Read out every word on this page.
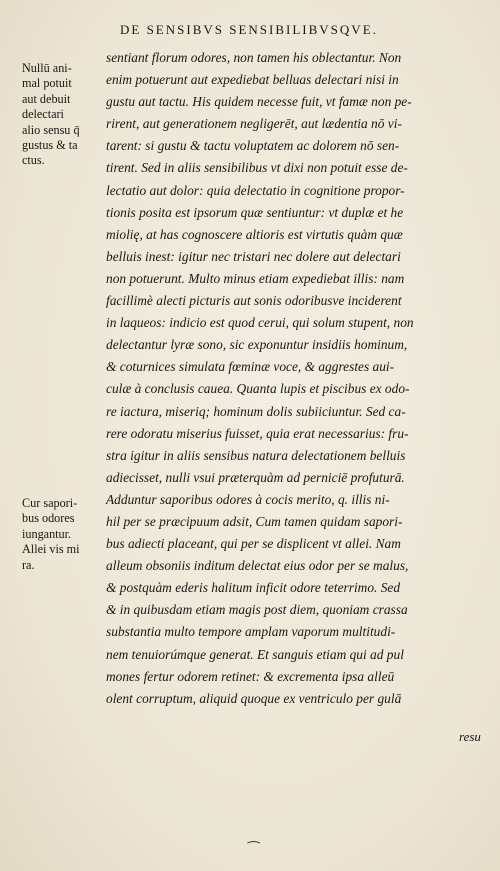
DE SENSIBVS SENSIBILIBVSQVE.
Nullū ani-
mal potuit
aut debuit
delectari
alio sensu q̄
gustus & ta
ctus.
Cur sapori-
bus odores
iungantur.
Allei vis mi
ra.
sentiant florum odores, non tamen his oblectantur. Non
enim potuerunt aut expediebat belluas delectari nisi in
gustu aut tactu. His quidem necesse fuit, vt famæ non pe-
rirent, aut generationem negligerēt, aut lædentia nō vi-
tarent: si gustu & tactu voluptatem ac dolorem nō sen-
tirent. Sed in aliis sensibilibus vt dixi non potuit esse de-
lectatio aut dolor: quia delectatio in cognitione propor-
tionis posita est ipsorum quæ sentiuntur: vt duplæ et he
miolię, at has cognoscere altioris est virtutis quàm quæ
belluis inest: igitur nec tristari nec dolere aut delectari
non potuerunt. Multo minus etiam expediebat illis: nam
facillimè alecti picturis aut sonis odoribusve inciderent
in laqueos: indicio est quod cerui, qui solum stupent, non
delectantur lyræ sono, sic exponuntur insidiis hominum,
& coturnices simulata fœminæ voce, & aggrestes aui-
culæ à conclusis cauea. Quanta lupis et piscibus ex odo-
re iactura, miseriq; hominum dolis subiiciuntur. Sed ca-
rere odoratu miserius fuisset, quia erat necessarius: fru-
stra igitur in aliis sensibus natura delectationem belluis
adiecisset, nulli vsui præterquàm ad perniciē profuturā.
Adduntur saporibus odores à cocis merito, q. illis ni-
hil per se præcipuum adsit, Cum tamen quidam sapori-
bus adiecti placeant, qui per se displicent vt allei. Nam
alleum obsoniis inditum delectat eius odor per se malus,
& postquàm ederis halitum inficit odore teterrimo. Sed
& in quibusdam etiam magis post diem, quoniam crassa
substantia multo tempore amplam vaporum multitudi-
nem tenuiorúmque generat. Et sanguis etiam qui ad pul
mones fertur odorem retinet: & excrementa ipsa alleū
olent corruptum, aliquid quoque ex ventriculo per gulā
resu
⁀
